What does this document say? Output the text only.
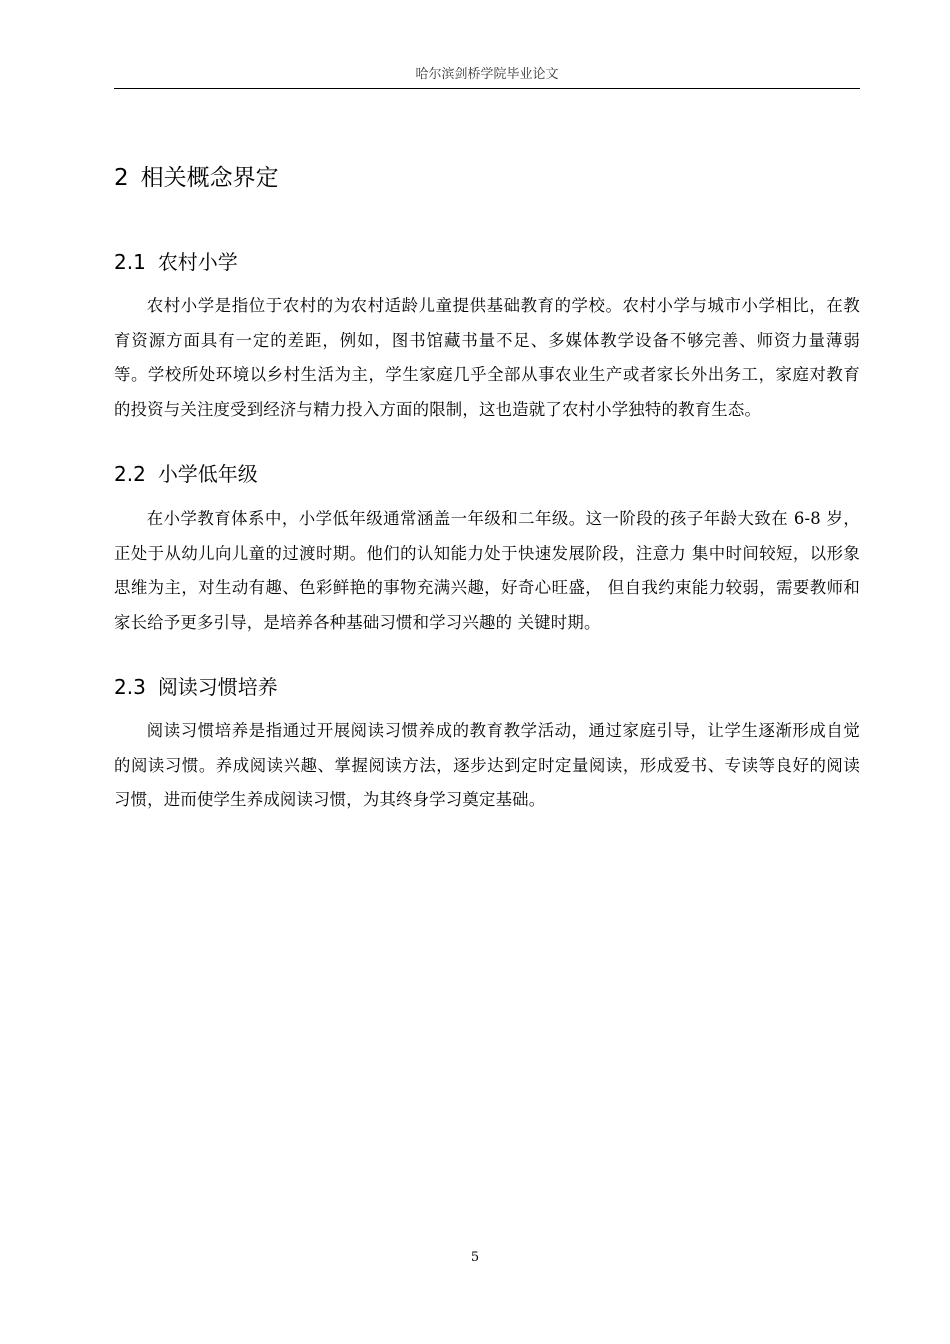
哈尔滨剑桥学院毕业论文
2 相关概念界定
2.1 农村小学

农村小学是指位于农村的为农村适龄儿童提供基础教育的学校。农村小学与城市小学相比，在教育资源方面具有一定的差距，例如，图书馆藏书量不足、多媒体教学设备不够完善、师资力量薄弱等。学校所处环境以乡村生活为主，学生家庭几乎全部从事农业生产或者家长外出务工，家庭对教育的投资与关注度受到经济与精力投入方面的限制，这也造就了农村小学独特的教育生态。

2.2 小学低年级

在小学教育体系中，小学低年级通常涵盖一年级和二年级。这一阶段的孩子年龄大致在 6-8 岁，正处于从幼儿向儿童的过渡时期。他们的认知能力处于快速发展阶段，注意力 集中时间较短，以形象思维为主，对生动有趣、色彩鲜艳的事物充满兴趣，好奇心旺盛， 但自我约束能力较弱，需要教师和家长给予更多引导，是培养各种基础习惯和学习兴趣的 关键时期。

2.3 阅读习惯培养

阅读习惯培养是指通过开展阅读习惯养成的教育教学活动，通过家庭引导，让学生逐渐形成自觉的阅读习惯。养成阅读兴趣、掌握阅读方法，逐步达到定时定量阅读，形成爱书、专读等良好的阅读习惯，进而使学生养成阅读习惯，为其终身学习奠定基础。

5
